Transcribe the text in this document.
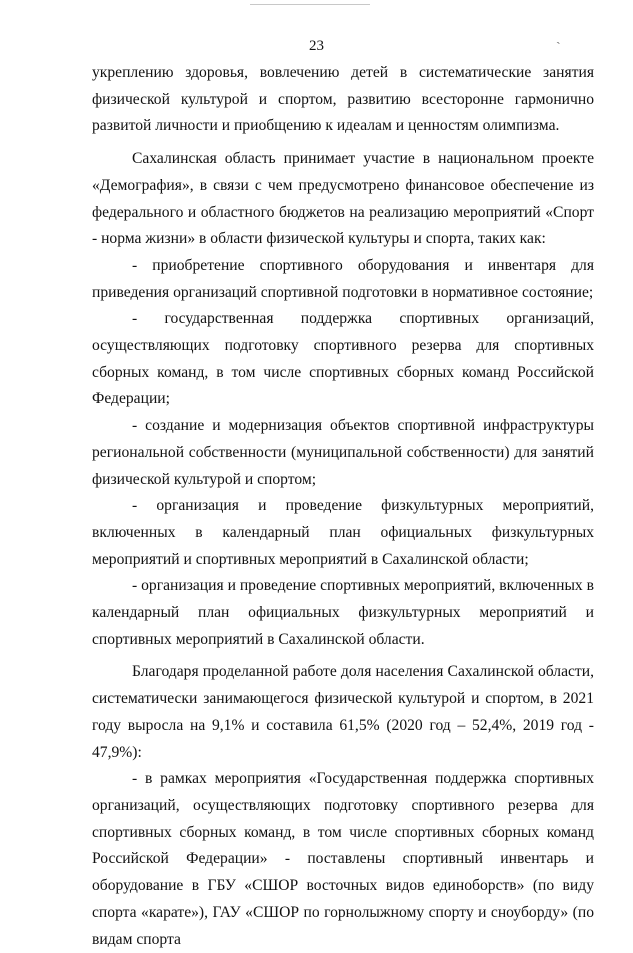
23
ˎ

укреплению здоровья, вовлечению детей в систематические занятия физической культурой и спортом, развитию всесторонне гармонично развитой личности и приобщению к идеалам и ценностям олимпизма.

Сахалинская область принимает участие в национальном проекте «Демография», в связи с чем предусмотрено финансовое обеспечение из федерального и областного бюджетов на реализацию мероприятий «Спорт - норма жизни» в области физической культуры и спорта, таких как:

- приобретение спортивного оборудования и инвентаря для приведения организаций спортивной подготовки в нормативное состояние;

- государственная поддержка спортивных организаций, осуществляющих подготовку спортивного резерва для спортивных сборных команд, в том числе спортивных сборных команд Российской Федерации;

- создание и модернизация объектов спортивной инфраструктуры региональной собственности (муниципальной собственности) для занятий физической культурой и спортом;

- организация и проведение физкультурных мероприятий, включенных в календарный план официальных физкультурных мероприятий и спортивных мероприятий в Сахалинской области;

- организация и проведение спортивных мероприятий, включенных в календарный план официальных физкультурных мероприятий и спортивных мероприятий в Сахалинской области.

Благодаря проделанной работе доля населения Сахалинской области, систематически занимающегося физической культурой и спортом, в 2021 году выросла на 9,1% и составила 61,5% (2020 год – 52,4%, 2019 год - 47,9%):

- в рамках мероприятия «Государственная поддержка спортивных организаций, осуществляющих подготовку спортивного резерва для спортивных сборных команд, в том числе спортивных сборных команд Российской Федерации» - поставлены спортивный инвентарь и оборудование в ГБУ «СШОР восточных видов единоборств» (по виду спорта «карате»), ГАУ «СШОР по горнолыжному спорту и сноуборду» (по видам спорта
